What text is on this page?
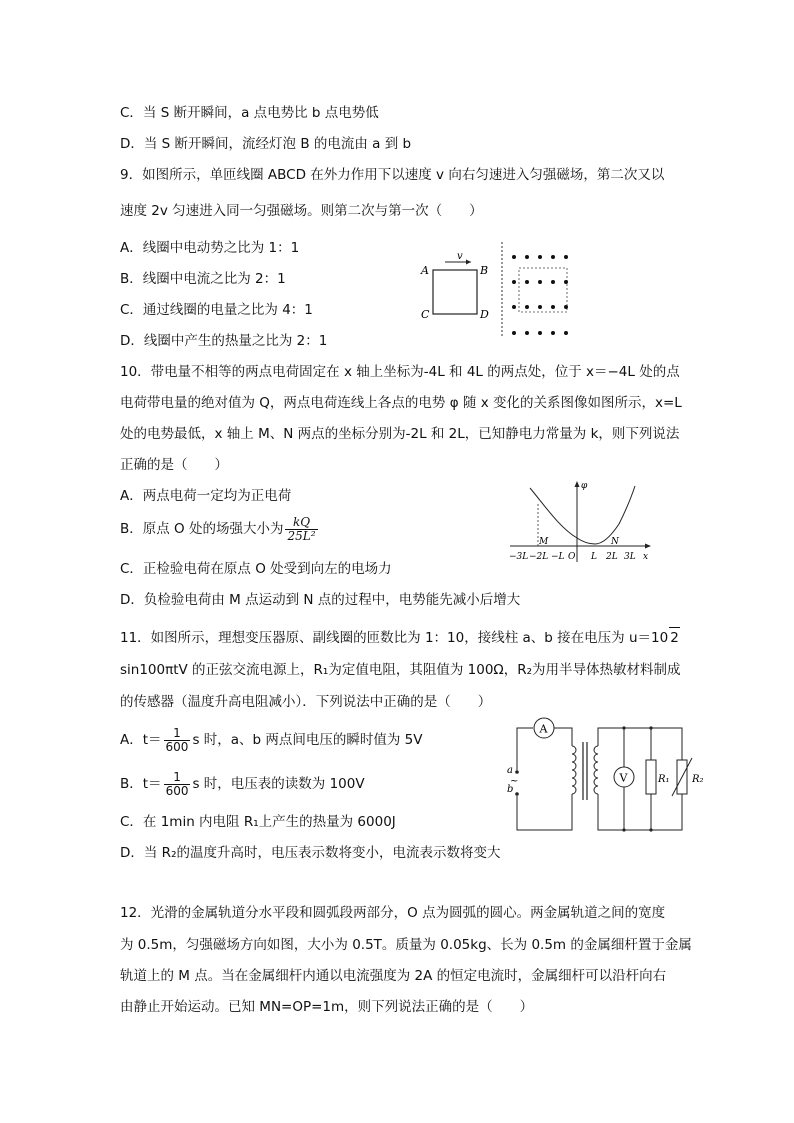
C．当 S 断开瞬间，a 点电势比 b 点电势低
D．当 S 断开瞬间，流经灯泡 B 的电流由 a 到 b
9．如图所示，单匝线圈 ABCD 在外力作用下以速度 v 向右匀速进入匀强磁场，第二次又以
速度 2v 匀速进入同一匀强磁场。则第二次与第一次（　　）
A．线圈中电动势之比为 1：1
B．线圈中电流之比为 2：1
C．通过线圈的电量之比为 4：1
D．线圈中产生的热量之比为 2：1
v
A	B
C	D
10．带电量不相等的两点电荷固定在 x 轴上坐标为-4L 和 4L 的两点处，位于 x＝−4L 处的点
电荷带电量的绝对值为 Q，两点电荷连线上各点的电势 φ 随 x 变化的关系图像如图所示，x=L
处的电势最低，x 轴上 M、N 两点的坐标分别为-2L 和 2L，已知静电力常量为 k，则下列说法
正确的是（　　）
A．两点电荷一定均为正电荷
B．原点 O 处的场强大小为 $\frac{kQ}{\text{25L²}}$
C．正检验电荷在原点 O 处受到向左的电场力
D．负检验电荷由 M 点运动到 N 点的过程中，电势能先减小后增大
φ
M	N
x
−3L −2L −L O L 2L 3L
11．如图所示，理想变压器原、副线圈的匝数比为 1：10，接线柱 a、b 接在电压为 u＝10 2
sin100πtV 的正弦交流电源上，R₁为定值电阻，其阻值为 100Ω，R₂为用半导体热敏材料制成
的传感器（温度升高电阻减小）．下列说法中正确的是（　　）
A．$t= \frac{1}{600}$ s 时，a、b 两点间电压的瞬时值为 5V
B．$t= \frac{1}{600}$ s 时，电压表的读数为 100V
C．在 1min 内电阻 R₁上产生的热量为 6000J
D．当 R₂的温度升高时，电压表示数将变小，电流表示数将变大
A
a
~
b
V	R₁ R₂
12．光滑的金属轨道分水平段和圆弧段两部分，O 点为圆弧的圆心。两金属轨道之间的宽度
为 0.5m，匀强磁场方向如图，大小为 0.5T。质量为 0.05kg、长为 0.5m 的金属细杆置于金属
轨道上的 M 点。当在金属细杆内通以电流强度为 2A 的恒定电流时，金属细杆可以沿杆向右
由静止开始运动。已知 MN=OP=1m，则下列说法正确的是（　　）
